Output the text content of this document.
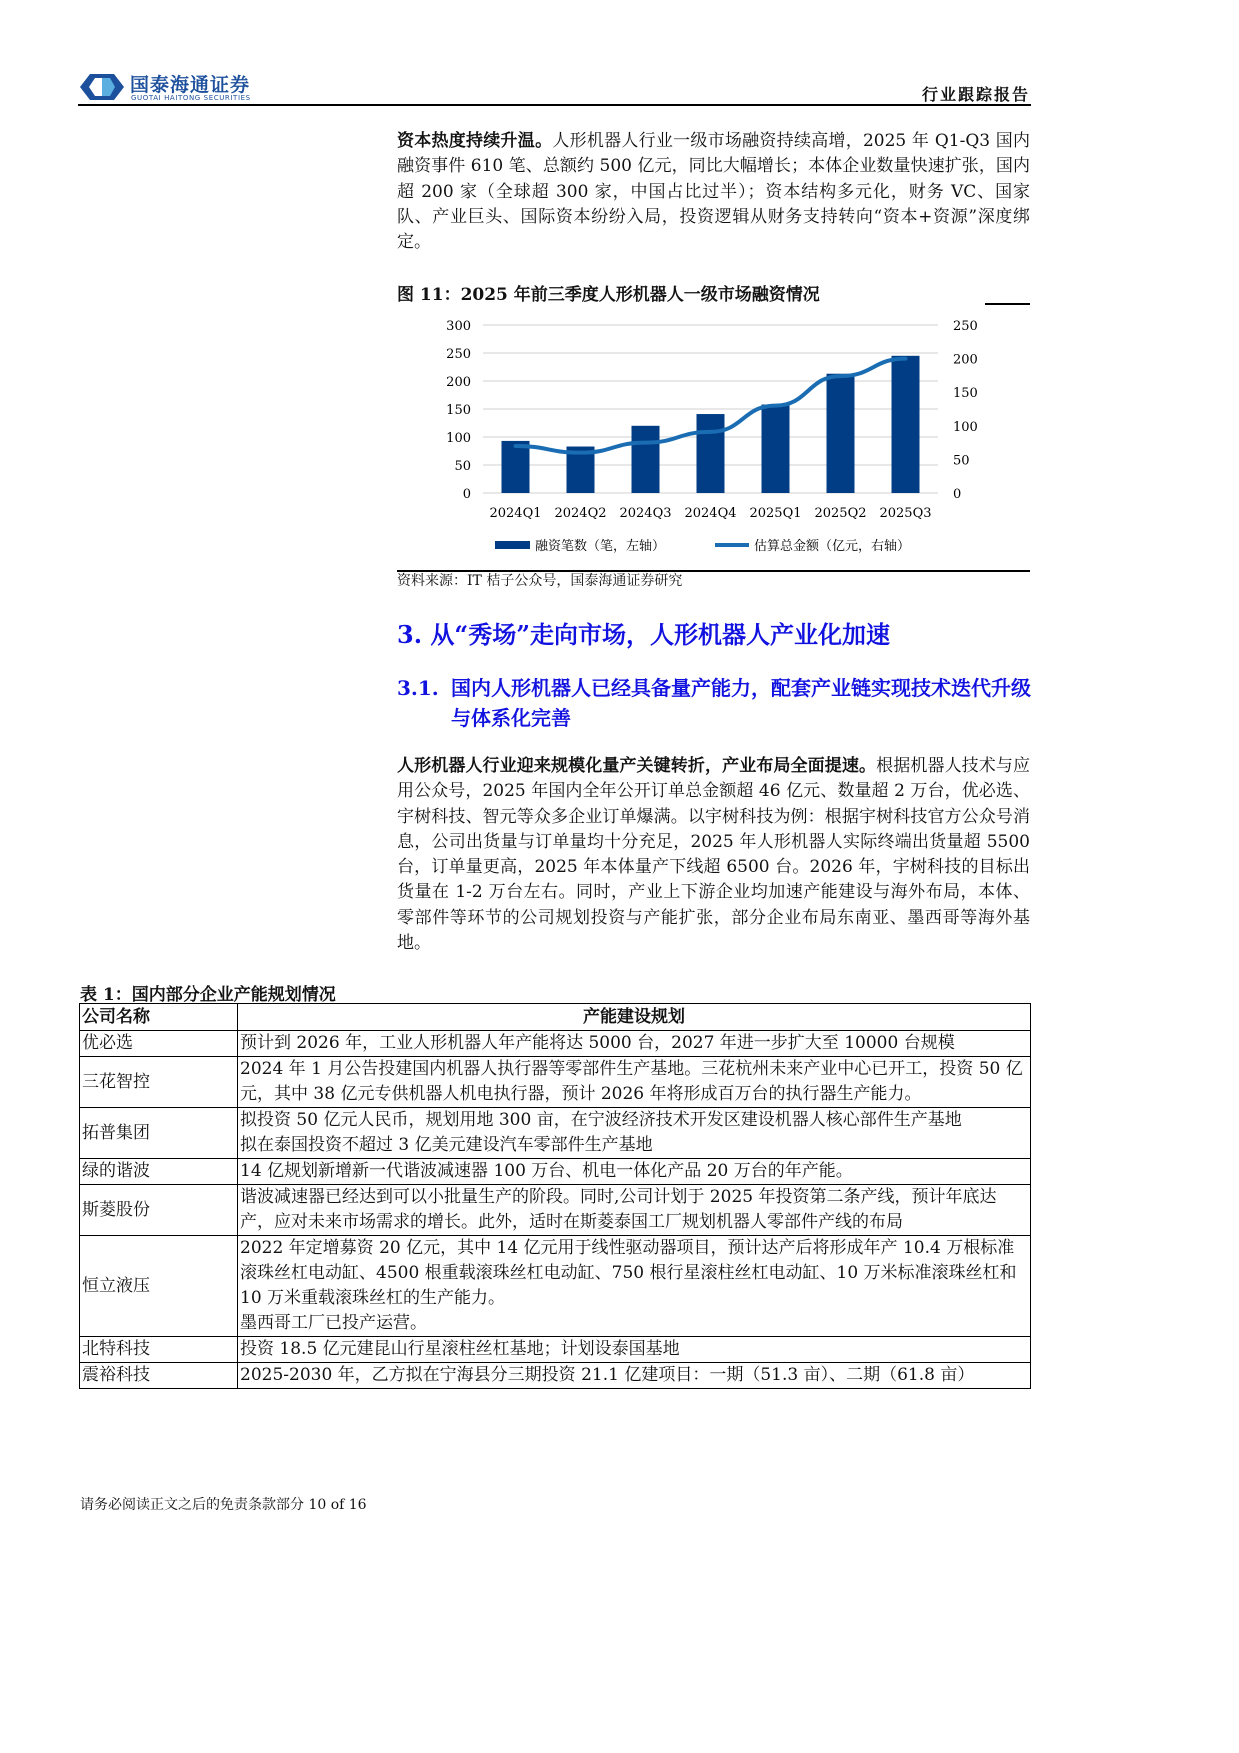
国泰海通证券
GUOTAI HAITONG SECURITIES	行业跟踪报告
资本热度持续升温。人形机器人行业一级市场融资持续高增，2025 年 Q1-Q3 国内融资事件 610 笔、总额约 500 亿元，同比大幅增长；本体企业数量快速扩张，国内超 200 家（全球超 300 家，中国占比过半）；资本结构多元化，财务 VC、国家队、产业巨头、国际资本纷纷入局，投资逻辑从财务支持转向“资本+资源”深度绑定。
图 11：2025 年前三季度人形机器人一级市场融资情况
0
50
100
150
200
250
300
0
50
100
150
200
250
2024Q1 2024Q2 2024Q3 2024Q4 2025Q1 2025Q2 2025Q3
融资笔数（笔，左轴）	估算总金额（亿元，右轴）
资料来源：IT 桔子公众号，国泰海通证券研究
3. 从“秀场”走向市场，人形机器人产业化加速
3.1. 国内人形机器人已经具备量产能力，配套产业链实现技术迭代升级与体系化完善
人形机器人行业迎来规模化量产关键转折，产业布局全面提速。根据机器人技术与应用公众号，2025 年国内全年公开订单总金额超 46 亿元、数量超 2 万台，优必选、宇树科技、智元等众多企业订单爆满。以宇树科技为例：根据宇树科技官方公众号消息，公司出货量与订单量均十分充足，2025 年人形机器人实际终端出货量超 5500 台，订单量更高，2025 年本体量产下线超 6500 台。2026 年，宇树科技的目标出货量在 1-2 万台左右。同时，产业上下游企业均加速产能建设与海外布局，本体、零部件等环节的公司规划投资与产能扩张，部分企业布局东南亚、墨西哥等海外基地。
表 1：国内部分企业产能规划情况
公司名称	产能建设规划
优必选	预计到 2026 年，工业人形机器人年产能将达 5000 台，2027 年进一步扩大至 10000 台规模
三花智控	2024 年 1 月公告投建国内机器人执行器等零部件生产基地。三花杭州未来产业中心已开工，投资 50 亿元，其中 38 亿元专供机器人机电执行器，预计 2026 年将形成百万台的执行器生产能力。
拓普集团	拟投资 50 亿元人民币，规划用地 300 亩，在宁波经济技术开发区建设机器人核心部件生产基地
拟在泰国投资不超过 3 亿美元建设汽车零部件生产基地

绿的谐波	14 亿规划新增新一代谐波减速器 100 万台、机电一体化产品 20 万台的年产能。
斯菱股份	谐波减速器已经达到可以小批量生产的阶段。同时,公司计划于 2025 年投资第二条产线，预计年底达产，应对未来市场需求的增长。此外，适时在斯菱泰国工厂规划机器人零部件产线的布局
恒立液压	2022 年定增募资 20 亿元，其中 14 亿元用于线性驱动器项目，预计达产后将形成年产 10.4 万根标准滚珠丝杠电动缸、4500 根重载滚珠丝杠电动缸、750 根行星滚柱丝杠电动缸、10 万米标准滚珠丝杠和 10 万米重载滚珠丝杠的生产能力。
墨西哥工厂已投产运营。

北特科技	投资 18.5 亿元建昆山行星滚柱丝杠基地；计划设泰国基地
震裕科技	2025-2030 年，乙方拟在宁海县分三期投资 21.1 亿建项目：一期（51.3 亩）、二期（61.8 亩）
请务必阅读正文之后的免责条款部分 10 of 16
